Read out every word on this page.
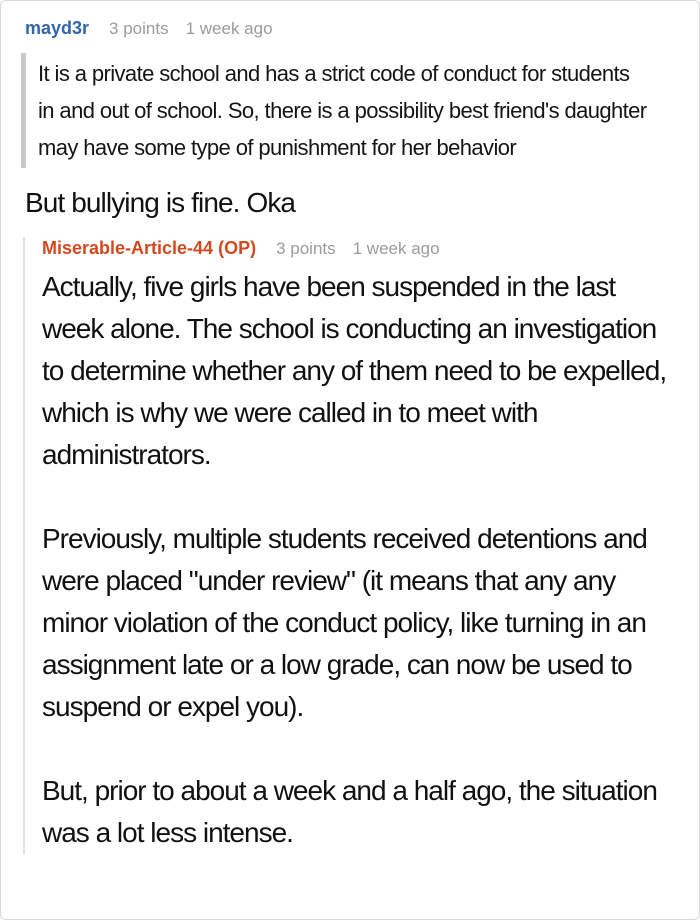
mayd3r 3 points 1 week ago
It is a private school and has a strict code of conduct for students in and out of school. So, there is a possibility best friend's daughter may have some type of punishment for her behavior
But bullying is fine. Oka
Miserable-Article-44 (OP) 3 points 1 week ago

Actually, five girls have been suspended in the last week alone. The school is conducting an investigation to determine whether any of them need to be expelled, which is why we were called in to meet with administrators.

Previously, multiple students received detentions and were placed "under review" (it means that any any minor violation of the conduct policy, like turning in an assignment late or a low grade, can now be used to suspend or expel you).

But, prior to about a week and a half ago, the situation was a lot less intense.
